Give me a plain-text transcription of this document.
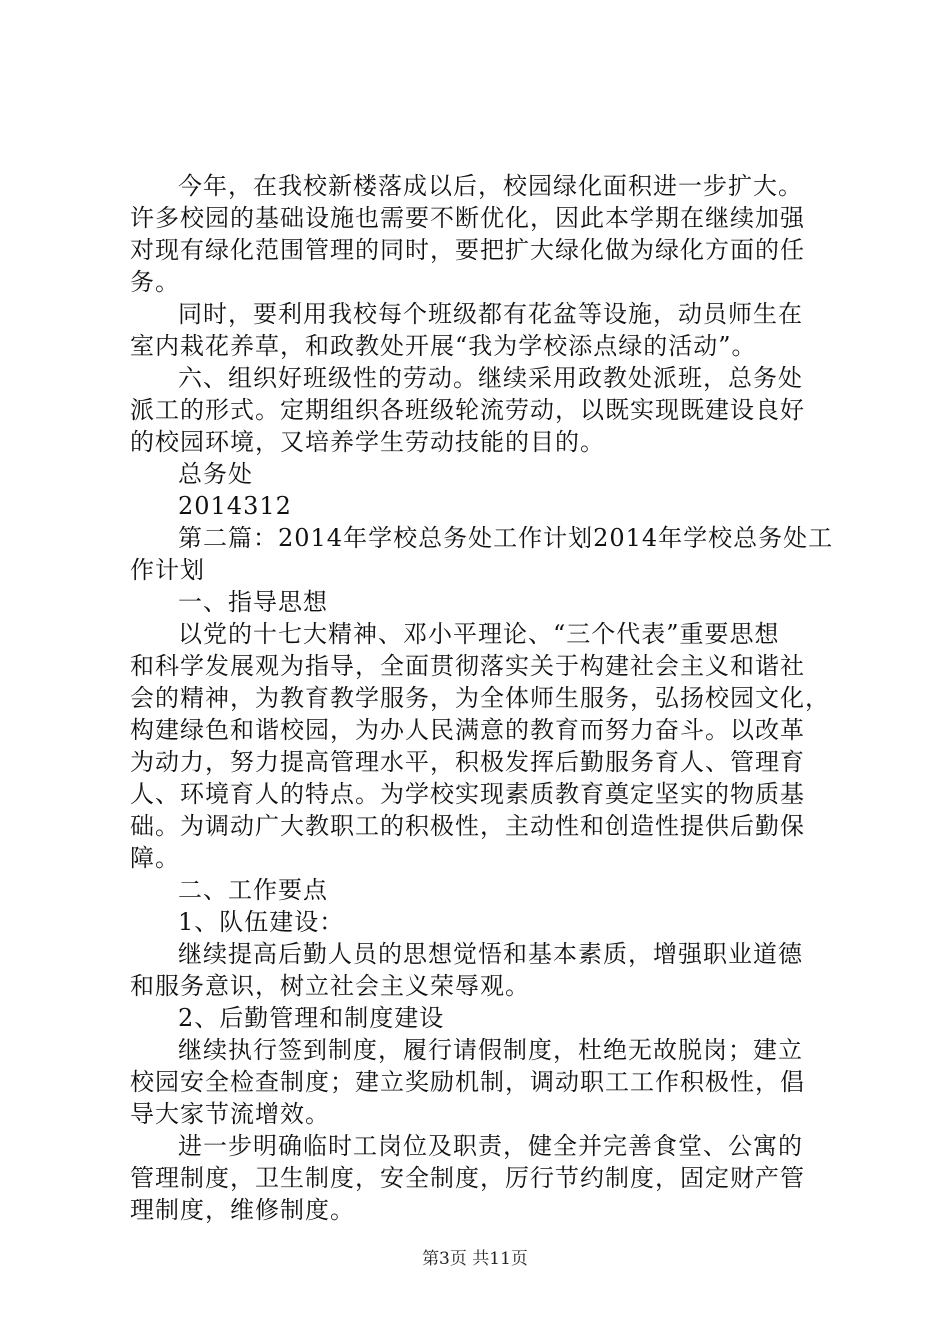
今年，在我校新楼落成以后，校园绿化面积进一步扩大。
许多校园的基础设施也需要不断优化，因此本学期在继续加强
对现有绿化范围管理的同时，要把扩大绿化做为绿化方面的任
务。
同时，要利用我校每个班级都有花盆等设施，动员师生在
室内栽花养草，和政教处开展“我为学校添点绿的活动”。
六、组织好班级性的劳动。继续采用政教处派班，总务处
派工的形式。定期组织各班级轮流劳动，以既实现既建设良好
的校园环境，又培养学生劳动技能的目的。
总务处
2014312
第二篇：2014年学校总务处工作计划2014年学校总务处工
作计划
一、指导思想
以党的十七大精神、邓小平理论、“三个代表”重要思想
和科学发展观为指导，全面贯彻落实关于构建社会主义和谐社
会的精神，为教育教学服务，为全体师生服务，弘扬校园文化，
构建绿色和谐校园，为办人民满意的教育而努力奋斗。以改革
为动力，努力提高管理水平，积极发挥后勤服务育人、管理育
人、环境育人的特点。为学校实现素质教育奠定坚实的物质基
础。为调动广大教职工的积极性，主动性和创造性提供后勤保
障。
二、工作要点
1、队伍建设：
继续提高后勤人员的思想觉悟和基本素质，增强职业道德
和服务意识，树立社会主义荣辱观。
2、后勤管理和制度建设
继续执行签到制度，履行请假制度，杜绝无故脱岗；建立
校园安全检查制度；建立奖励机制，调动职工工作积极性，倡
导大家节流增效。
进一步明确临时工岗位及职责，健全并完善食堂、公寓的
管理制度，卫生制度，安全制度，厉行节约制度，固定财产管
理制度，维修制度。
第3页 共11页
